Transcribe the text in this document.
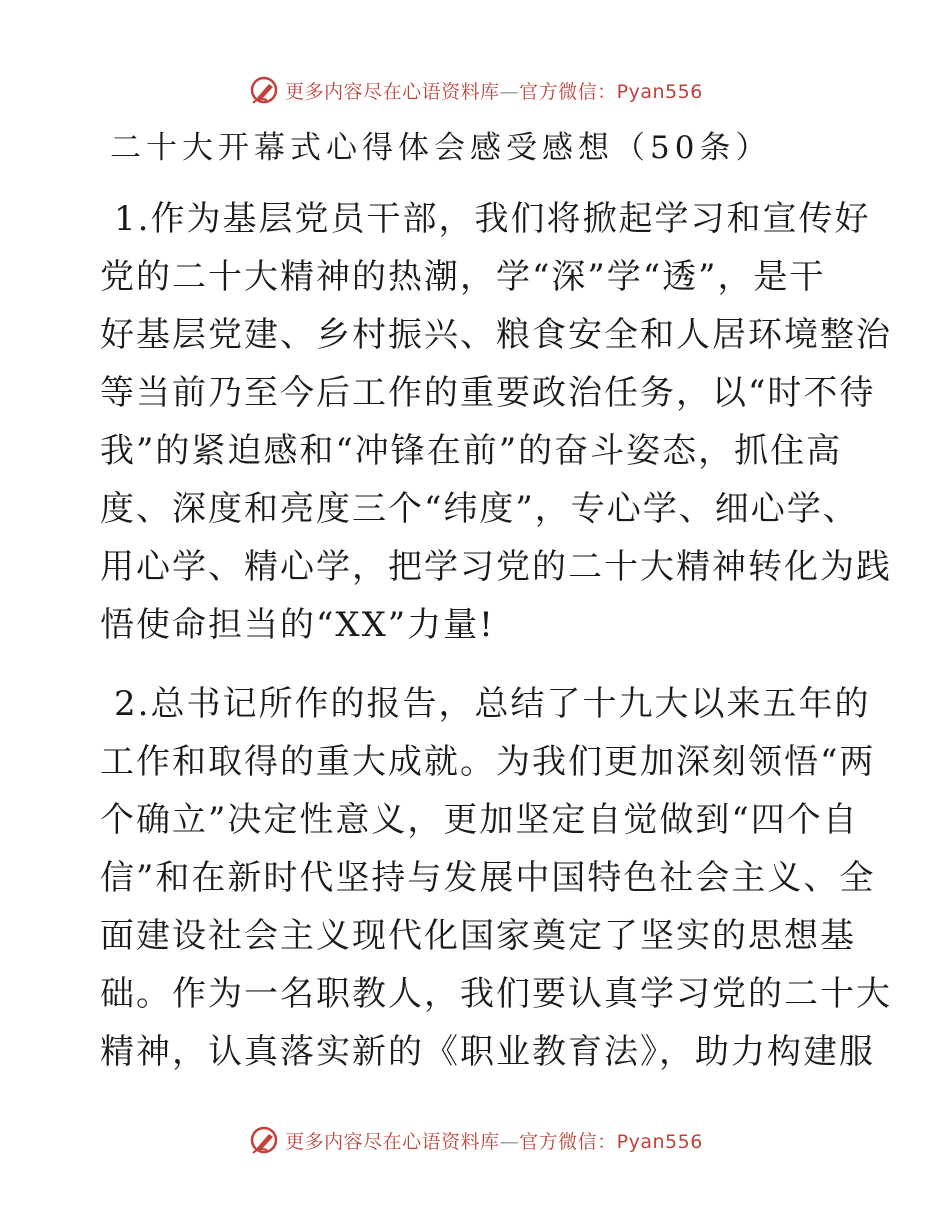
更多内容尽在心语资料库—官方微信：Pyan556
二十大开幕式心得体会感受感想（50条）
1.作为基层党员干部，我们将掀起学习和宣传好
党的二十大精神的热潮，学“深”学“透”，是干
好基层党建、乡村振兴、粮食安全和人居环境整治
等当前乃至今后工作的重要政治任务，以“时不待
我”的紧迫感和“冲锋在前”的奋斗姿态，抓住高
度、深度和亮度三个“纬度”，专心学、细心学、
用心学、精心学，把学习党的二十大精神转化为践
悟使命担当的“XX”力量!
2.总书记所作的报告，总结了十九大以来五年的
工作和取得的重大成就。为我们更加深刻领悟“两
个确立”决定性意义，更加坚定自觉做到“四个自
信”和在新时代坚持与发展中国特色社会主义、全
面建设社会主义现代化国家奠定了坚实的思想基
础。作为一名职教人，我们要认真学习党的二十大
精神，认真落实新的《职业教育法》，助力构建服
更多内容尽在心语资料库—官方微信：Pyan556
